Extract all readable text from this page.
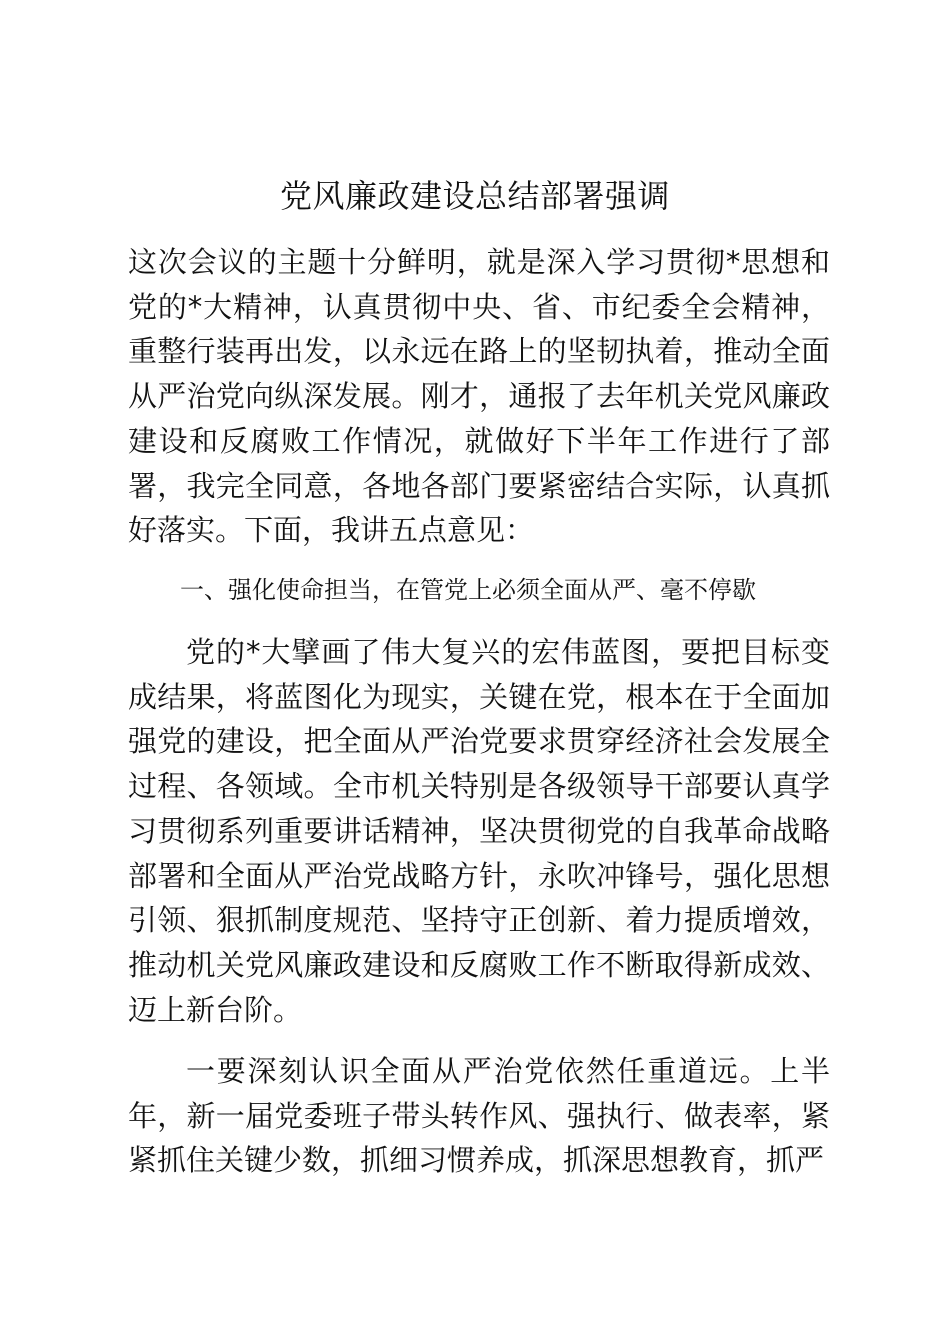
党风廉政建设总结部署强调

这次会议的主题十分鲜明，就是深入学习贯彻*思想和党的*大精神，认真贯彻中央、省、市纪委全会精神，重整行装再出发，以永远在路上的坚韧执着，推动全面从严治党向纵深发展。刚才，通报了去年机关党风廉政建设和反腐败工作情况，就做好下半年工作进行了部署，我完全同意，各地各部门要紧密结合实际，认真抓好落实。下面，我讲五点意见：

一、强化使命担当，在管党上必须全面从严、毫不停歇

党的*大擘画了伟大复兴的宏伟蓝图，要把目标变成结果，将蓝图化为现实，关键在党，根本在于全面加强党的建设，把全面从严治党要求贯穿经济社会发展全过程、各领域。全市机关特别是各级领导干部要认真学习贯彻系列重要讲话精神，坚决贯彻党的自我革命战略部署和全面从严治党战略方针，永吹冲锋号，强化思想引领、狠抓制度规范、坚持守正创新、着力提质增效，推动机关党风廉政建设和反腐败工作不断取得新成效、迈上新台阶。

一要深刻认识全面从严治党依然任重道远。上半年，新一届党委班子带头转作风、强执行、做表率，紧紧抓住关键少数，抓细习惯养成，抓深思想教育，抓严
